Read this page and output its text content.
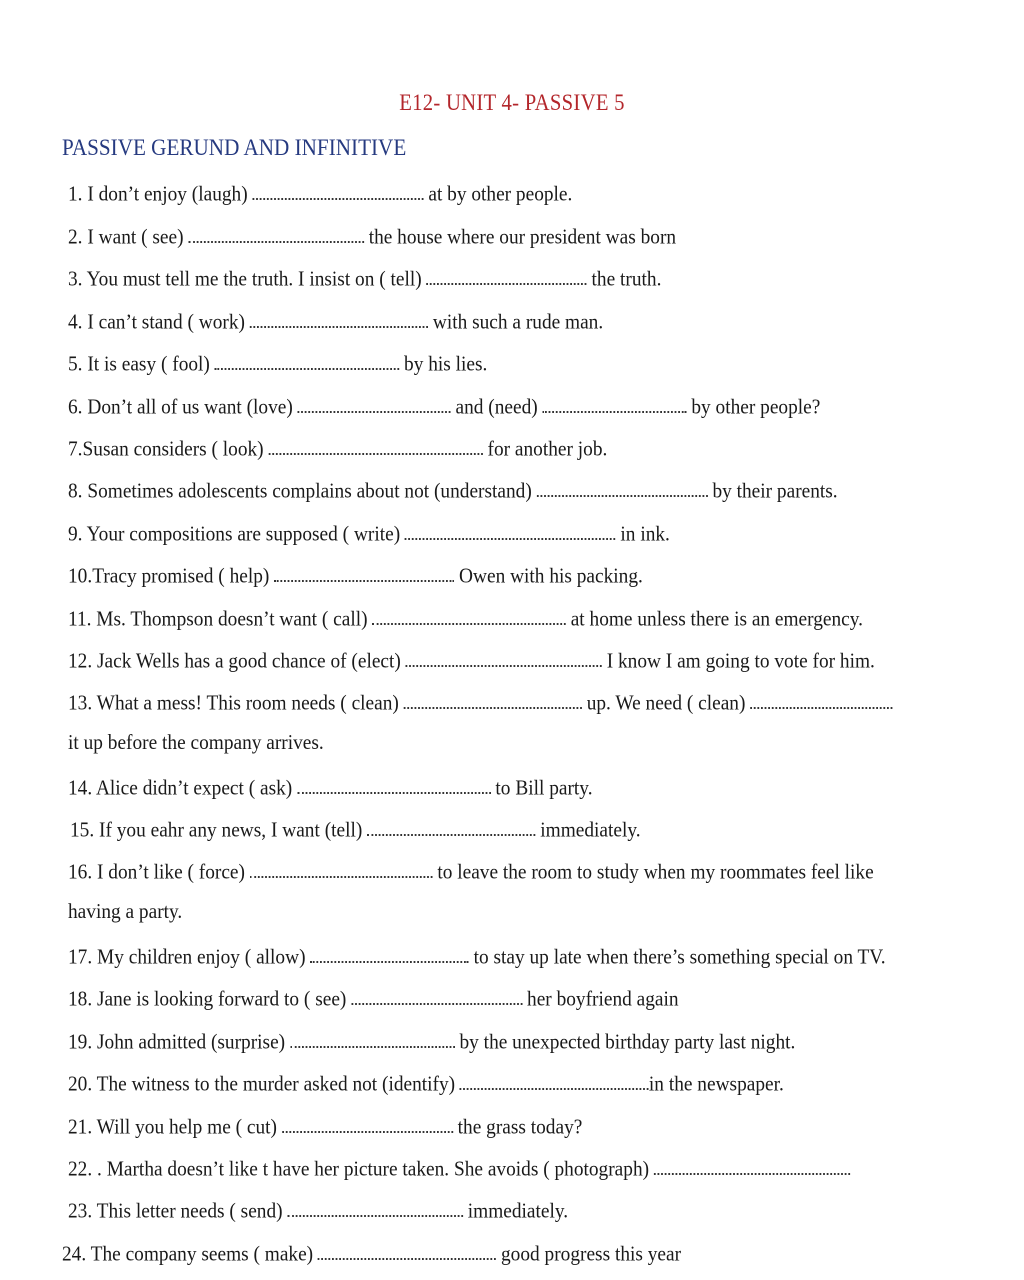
E12- UNIT 4- PASSIVE 5
PASSIVE GERUND AND INFINITIVE
1. I don’t enjoy (laugh)	at by other people.
2. I want ( see)	the house where our president was born
3. You must tell me the truth. I insist on ( tell)	the truth.
4. I can’t stand ( work)	with such a rude man.
5. It is easy ( fool)	by his lies.
6. Don’t all of us want (love)	and (need)	by other people?
7.Susan considers ( look)	for another job.
8. Sometimes adolescents complains about not (understand)	by their parents.
9. Your compositions are supposed ( write)	in ink.
10.Tracy promised ( help)	Owen with his packing.
11. Ms. Thompson doesn’t want ( call)	at home unless there is an emergency.
12. Jack Wells has a good chance of (elect)	I know I am going to vote for him.
13. What a mess! This room needs ( clean)	up. We need ( clean)
it up before the company arrives.
14. Alice didn’t expect ( ask)	to Bill party.
15. If you eahr any news, I want (tell)	immediately.
16. I don’t like ( force)	to leave the room to study when my roommates feel like
having a party.
17. My children enjoy ( allow)	to stay up late when there’s something special on TV.
18. Jane is looking forward to ( see)	her boyfriend again
19. John admitted (surprise)	by the unexpected birthday party last night.
20. The witness to the murder asked not (identify)	in the newspaper.
21. Will you help me ( cut)	the grass today?
22. . Martha doesn’t like t have her picture taken. She avoids ( photograph)
23. This letter needs ( send)	immediately.
24. The company seems ( make)	good progress this year
